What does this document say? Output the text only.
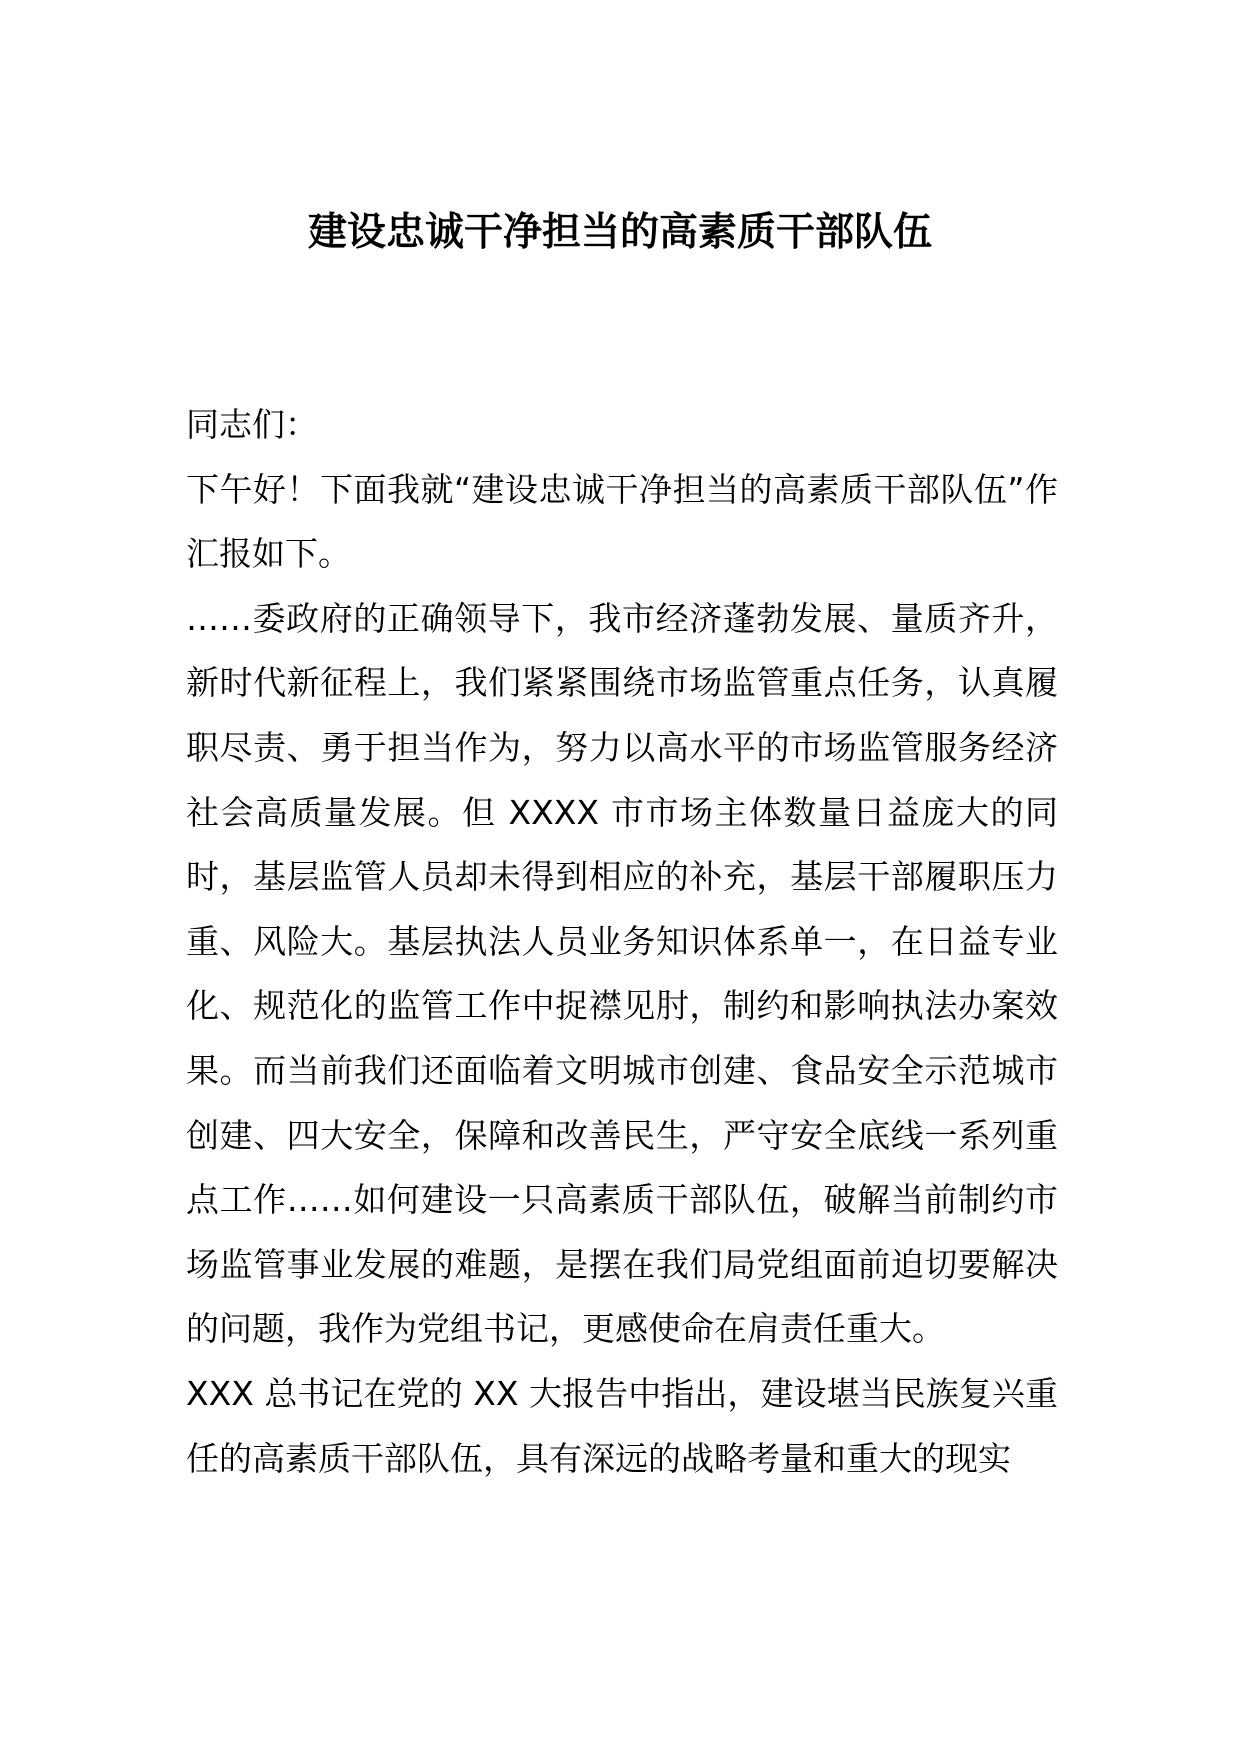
建设忠诚干净担当的高素质干部队伍

同志们：

下午好！下面我就“建设忠诚干净担当的高素质干部队伍”作汇报如下。

……委政府的正确领导下，我市经济蓬勃发展、量质齐升，新时代新征程上，我们紧紧围绕市场监管重点任务，认真履职尽责、勇于担当作为，努力以高水平的市场监管服务经济社会高质量发展。但 XXXX 市市场主体数量日益庞大的同时，基层监管人员却未得到相应的补充，基层干部履职压力重、风险大。基层执法人员业务知识体系单一，在日益专业化、规范化的监管工作中捉襟见肘，制约和影响执法办案效果。而当前我们还面临着文明城市创建、食品安全示范城市创建、四大安全，保障和改善民生，严守安全底线一系列重点工作……如何建设一只高素质干部队伍，破解当前制约市场监管事业发展的难题，是摆在我们局党组面前迫切要解决的问题，我作为党组书记，更感使命在肩责任重大。

XXX 总书记在党的 XX 大报告中指出，建设堪当民族复兴重任的高素质干部队伍，具有深远的战略考量和重大的现实
